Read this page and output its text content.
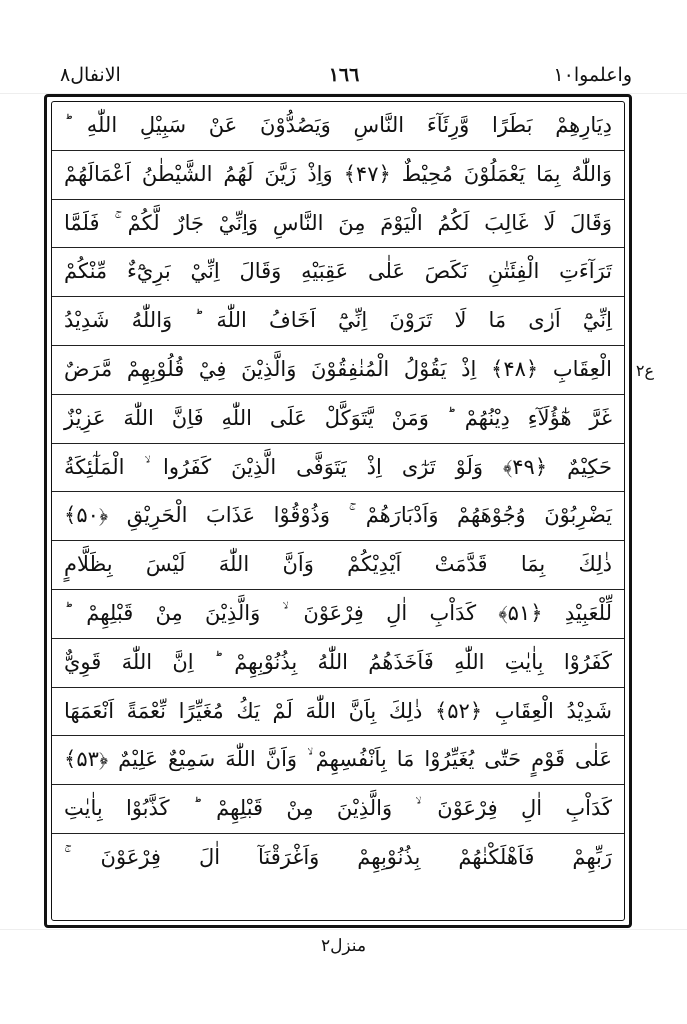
الانفال۸	۱٦٦	واعلموا۱۰
دِيَارِهِمْ بَطَرًا وَّرِئَآءَ النَّاسِ وَيَصُدُّوْنَ عَنْ سَبِيْلِ اللّٰهِ ؕ
وَاللّٰهُ بِمَا يَعْمَلُوْنَ مُحِيْطٌ ﴿۴۷﴾ وَاِذْ زَيَّنَ لَهُمُ الشَّيْطٰنُ اَعْمَالَهُمْ
وَقَالَ لَا غَالِبَ لَكُمُ الْيَوْمَ مِنَ النَّاسِ وَاِنِّيْ جَارٌ لَّكُمْ ۚ فَلَمَّا
تَرَآءَتِ الْفِئَتٰنِ نَكَصَ عَلٰى عَقِبَيْهِ وَقَالَ اِنِّيْ بَرِيْٓءٌ مِّنْكُمْ
اِنِّيْٓ اَرٰى مَا لَا تَرَوْنَ اِنِّيْٓ اَخَافُ اللّٰهَ ؕ وَاللّٰهُ شَدِيْدُ
الْعِقَابِ ﴿۴۸﴾ اِذْ يَقُوْلُ الْمُنٰفِقُوْنَ وَالَّذِيْنَ فِيْ قُلُوْبِهِمْ مَّرَضٌ
غَرَّ هٰٓؤُلَآءِ دِيْنُهُمْ ؕ وَمَنْ يَّتَوَكَّلْ عَلَى اللّٰهِ فَاِنَّ اللّٰهَ عَزِيْزٌ
حَكِيْمٌ ﴿۴۹﴾ وَلَوْ تَرٰٓى اِذْ يَتَوَفَّى الَّذِيْنَ كَفَرُوا ۙ الْمَلٰٓئِكَةُ
يَضْرِبُوْنَ وُجُوْهَهُمْ وَاَدْبَارَهُمْ ۚ وَذُوْقُوْا عَذَابَ الْحَرِيْقِ ﴿۵۰﴾
ذٰلِكَ بِمَا قَدَّمَتْ اَيْدِيْكُمْ وَاَنَّ اللّٰهَ لَيْسَ بِظَلَّامٍ
لِّلْعَبِيْدِ ﴿۵۱﴾ كَدَاْبِ اٰلِ فِرْعَوْنَ ۙ وَالَّذِيْنَ مِنْ قَبْلِهِمْ ؕ
كَفَرُوْا بِاٰيٰتِ اللّٰهِ فَاَخَذَهُمُ اللّٰهُ بِذُنُوْبِهِمْ ؕ اِنَّ اللّٰهَ قَوِيٌّ
شَدِيْدُ الْعِقَابِ ﴿۵۲﴾ ذٰلِكَ بِاَنَّ اللّٰهَ لَمْ يَكُ مُغَيِّرًا نِّعْمَةً اَنْعَمَهَا
عَلٰى قَوْمٍ حَتّٰى يُغَيِّرُوْا مَا بِاَنْفُسِهِمْ ۙ وَاَنَّ اللّٰهَ سَمِيْعٌ عَلِيْمٌ ﴿۵۳﴾
كَدَاْبِ اٰلِ فِرْعَوْنَ ۙ وَالَّذِيْنَ مِنْ قَبْلِهِمْ ؕ كَذَّبُوْا بِاٰيٰتِ
رَبِّهِمْ فَاَهْلَكْنٰهُمْ بِذُنُوْبِهِمْ وَاَغْرَقْنَآ اٰلَ فِرْعَوْنَ ۚ
ع‌٢
منزل۲
